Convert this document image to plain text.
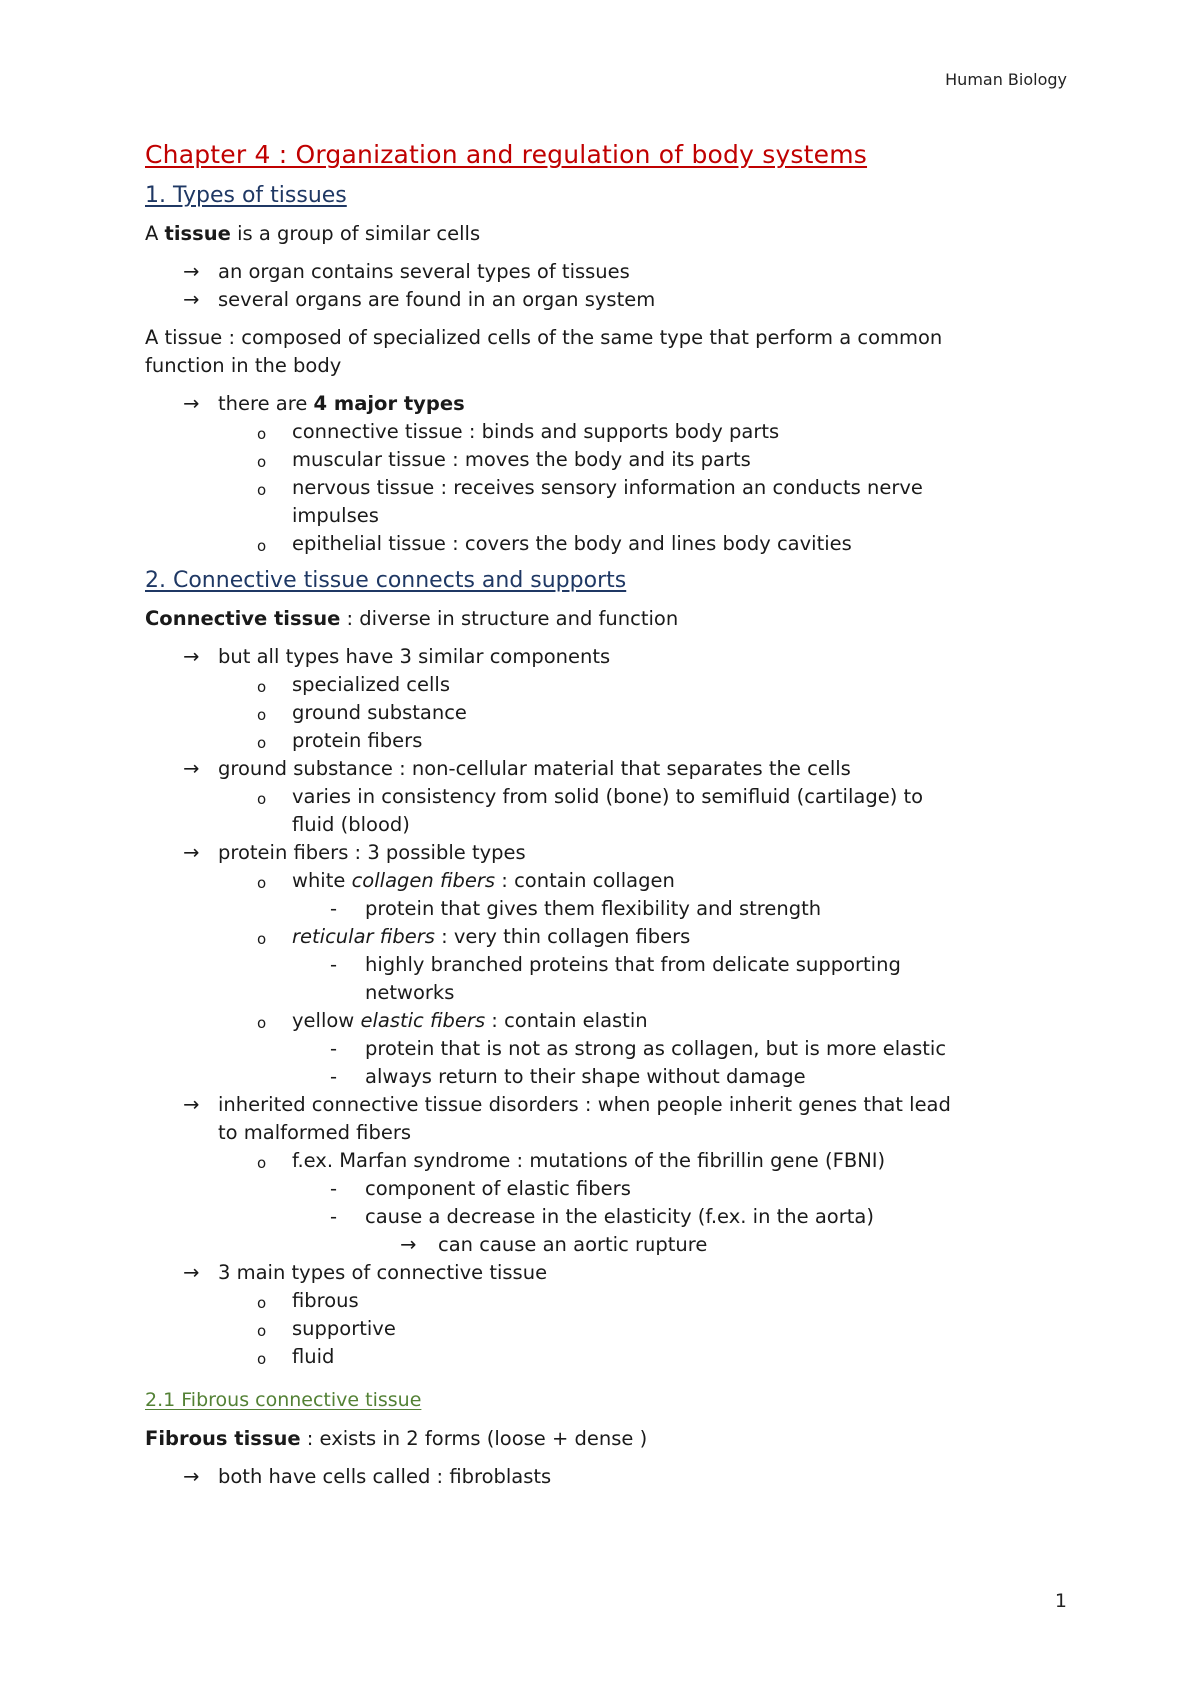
Human Biology
Chapter 4 : Organization and regulation of body systems
1. Types of tissues

A tissue is a group of similar cells

→ an organ contains several types of tissues
→ several organs are found in an organ system
A tissue : composed of specialized cells of the same type that perform a common
function in the body
→ there are 4 major types
o connective tissue : binds and supports body parts
o muscular tissue : moves the body and its parts
o nervous tissue : receives sensory information an conducts nerve
impulses
o epithelial tissue : covers the body and lines body cavities
2. Connective tissue connects and supports

Connective tissue : diverse in structure and function

→ but all types have 3 similar components
o specialized cells
o ground substance
o protein fibers
→ ground substance : non-cellular material that separates the cells
o varies in consistency from solid (bone) to semifluid (cartilage) to
fluid (blood)
→ protein fibers : 3 possible types
o white collagen fibers : contain collagen
- protein that gives them flexibility and strength
o reticular fibers : very thin collagen fibers
- highly branched proteins that from delicate supporting
networks
o yellow elastic fibers : contain elastin
- protein that is not as strong as collagen, but is more elastic
- always return to their shape without damage
→ inherited connective tissue disorders : when people inherit genes that lead
to malformed fibers
o f.ex. Marfan syndrome : mutations of the fibrillin gene (FBNI)
- component of elastic fibers
- cause a decrease in the elasticity (f.ex. in the aorta)
→ can cause an aortic rupture
→ 3 main types of connective tissue
o fibrous
o supportive
o fluid
2.1 Fibrous connective tissue

Fibrous tissue : exists in 2 forms (loose + dense )

→ both have cells called : fibroblasts
1
